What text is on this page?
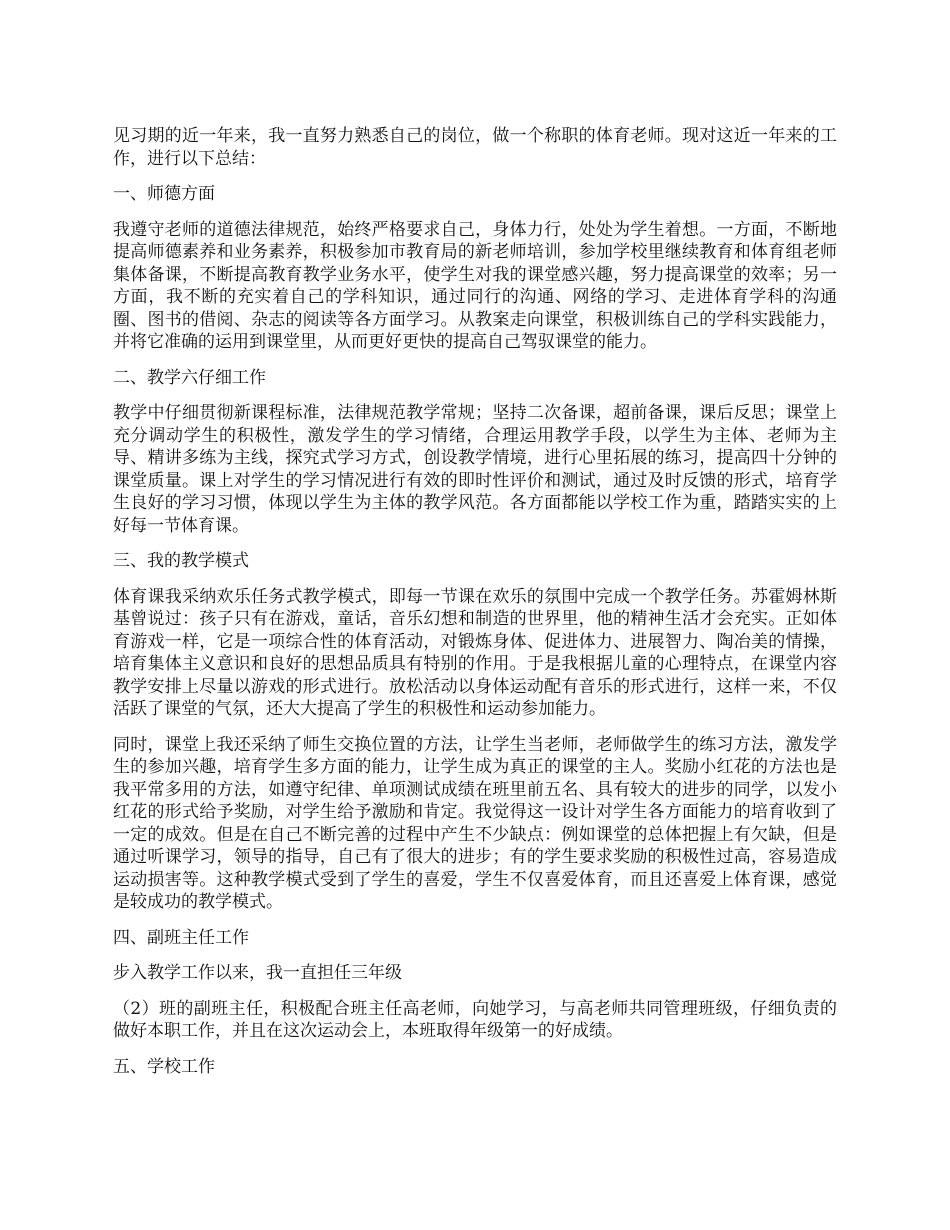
见习期的近一年来，我一直努力熟悉自己的岗位，做一个称职的体育老师。现对这近一年来的工作，进行以下总结：

一、师德方面

我遵守老师的道德法律规范，始终严格要求自己，身体力行，处处为学生着想。一方面，不断地提高师德素养和业务素养，积极参加市教育局的新老师培训，参加学校里继续教育和体育组老师集体备课，不断提高教育教学业务水平，使学生对我的课堂感兴趣，努力提高课堂的效率；另一方面，我不断的充实着自己的学科知识，通过同行的沟通、网络的学习、走进体育学科的沟通圈、图书的借阅、杂志的阅读等各方面学习。从教案走向课堂，积极训练自己的学科实践能力，并将它准确的运用到课堂里，从而更好更快的提高自己驾驭课堂的能力。

二、教学六仔细工作

教学中仔细贯彻新课程标准，法律规范教学常规；坚持二次备课，超前备课，课后反思；课堂上充分调动学生的积极性，激发学生的学习情绪，合理运用教学手段，以学生为主体、老师为主导、精讲多练为主线，探究式学习方式，创设教学情境，进行心里拓展的练习，提高四十分钟的课堂质量。课上对学生的学习情况进行有效的即时性评价和测试，通过及时反馈的形式，培育学生良好的学习习惯，体现以学生为主体的教学风范。各方面都能以学校工作为重，踏踏实实的上好每一节体育课。

三、我的教学模式

体育课我采纳欢乐任务式教学模式，即每一节课在欢乐的氛围中完成一个教学任务。苏霍姆林斯基曾说过：孩子只有在游戏，童话，音乐幻想和制造的世界里，他的精神生活才会充实。正如体育游戏一样，它是一项综合性的体育活动，对锻炼身体、促进体力、进展智力、陶冶美的情操，培育集体主义意识和良好的思想品质具有特别的作用。于是我根据儿童的心理特点，在课堂内容教学安排上尽量以游戏的形式进行。放松活动以身体运动配有音乐的形式进行，这样一来，不仅活跃了课堂的气氛，还大大提高了学生的积极性和运动参加能力。

同时，课堂上我还采纳了师生交换位置的方法，让学生当老师，老师做学生的练习方法，激发学生的参加兴趣，培育学生多方面的能力，让学生成为真正的课堂的主人。奖励小红花的方法也是我平常多用的方法，如遵守纪律、单项测试成绩在班里前五名、具有较大的进步的同学，以发小红花的形式给予奖励，对学生给予激励和肯定。我觉得这一设计对学生各方面能力的培育收到了一定的成效。但是在自己不断完善的过程中产生不少缺点：例如课堂的总体把握上有欠缺，但是通过听课学习，领导的指导，自己有了很大的进步；有的学生要求奖励的积极性过高，容易造成运动损害等。这种教学模式受到了学生的喜爱，学生不仅喜爱体育，而且还喜爱上体育课，感觉是较成功的教学模式。

四、副班主任工作

步入教学工作以来，我一直担任三年级

（2）班的副班主任，积极配合班主任高老师，向她学习，与高老师共同管理班级，仔细负责的做好本职工作，并且在这次运动会上，本班取得年级第一的好成绩。

五、学校工作
